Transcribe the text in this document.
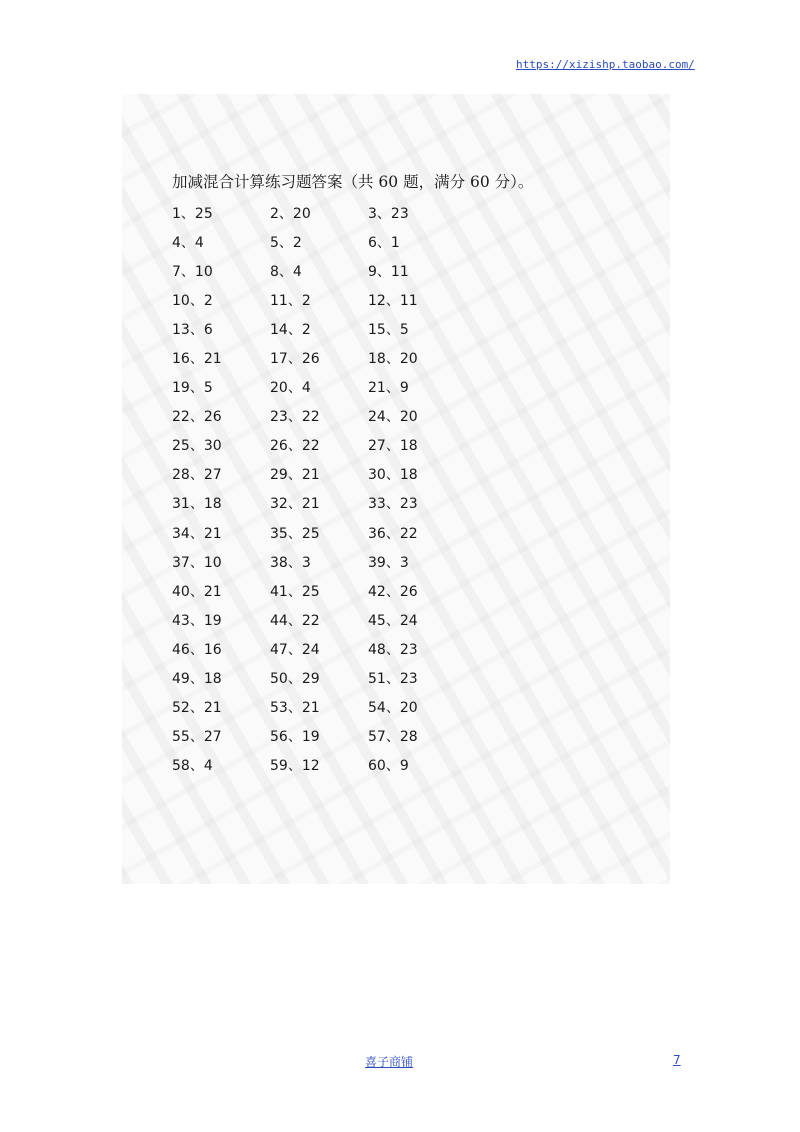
https://xizishp.taobao.com/
加减混合计算练习题答案（共 60 题，满分 60 分）。
1、25	2、20	3、23
4、4	5、2	6、1
7、10	8、4	9、11
10、2	11、2	12、11
13、6	14、2	15、5
16、21	17、26	18、20
19、5	20、4	21、9
22、26	23、22	24、20
25、30	26、22	27、18
28、27	29、21	30、18
31、18	32、21	33、23
34、21	35、25	36、22
37、10	38、3	39、3
40、21	41、25	42、26
43、19	44、22	45、24
46、16	47、24	48、23
49、18	50、29	51、23
52、21	53、21	54、20
55、27	56、19	57、28
58、4	59、12	60、9
喜子商铺	7
